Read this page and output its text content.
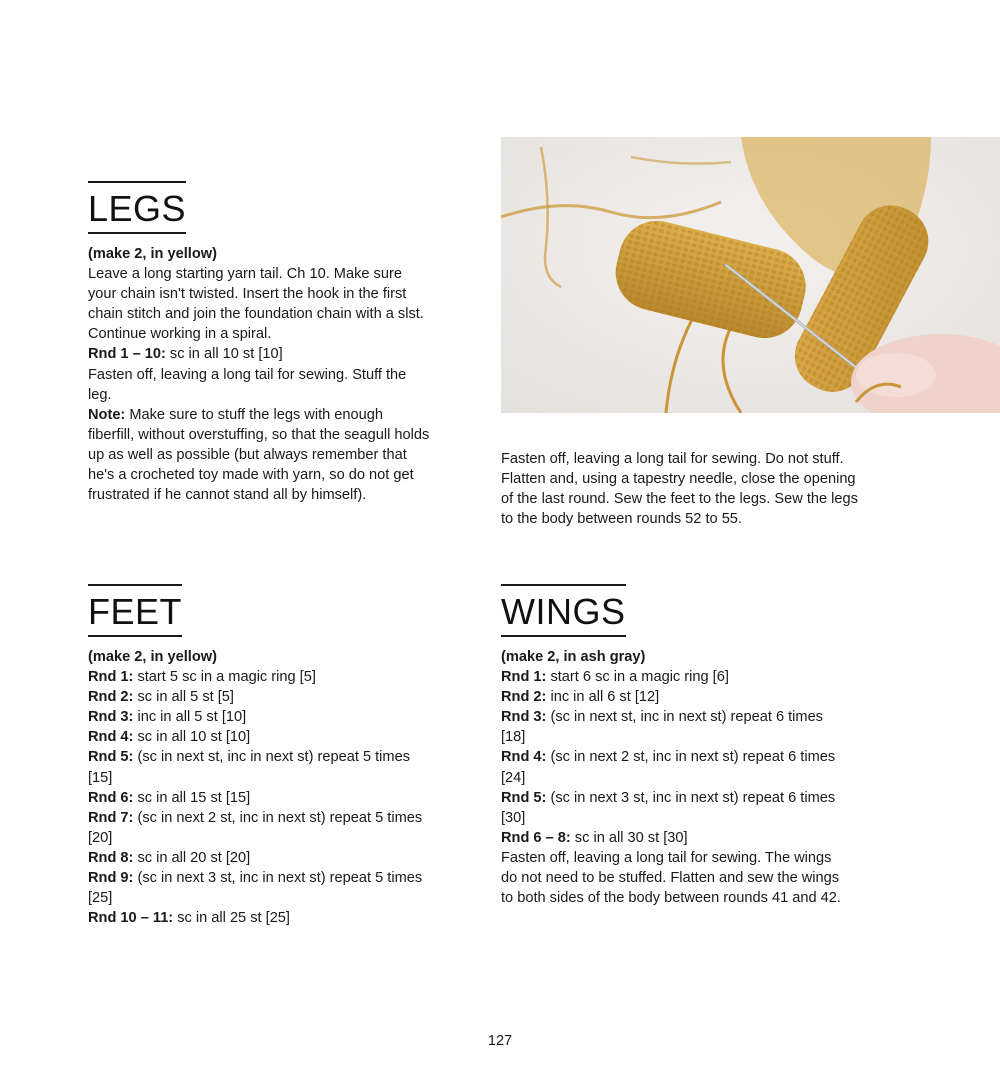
LEGS

(make 2, in yellow)

Leave a long starting yarn tail. Ch 10. Make sure your chain isn't twisted. Insert the hook in the first chain stitch and join the foundation chain with a slst. Continue working in a spiral.

Rnd 1 – 10: sc in all 10 st [10]

Fasten off, leaving a long tail for sewing. Stuff the leg.

Note: Make sure to stuff the legs with enough fiberfill, without overstuffing, so that the seagull holds up as well as possible (but always remember that he's a crocheted toy made with yarn, so do not get frustrated if he cannot stand all by himself).

Fasten off, leaving a long tail for sewing. Do not stuff. Flatten and, using a tapestry needle, close the opening of the last round. Sew the feet to the legs. Sew the legs to the body between rounds 52 to 55.

FEET

(make 2, in yellow)

Rnd 1: start 5 sc in a magic ring [5]

Rnd 2: sc in all 5 st [5]

Rnd 3: inc in all 5 st [10]

Rnd 4: sc in all 10 st [10]

Rnd 5: (sc in next st, inc in next st) repeat 5 times [15]

Rnd 6: sc in all 15 st [15]

Rnd 7: (sc in next 2 st, inc in next st) repeat 5 times [20]

Rnd 8: sc in all 20 st [20]

Rnd 9: (sc in next 3 st, inc in next st) repeat 5 times [25]

Rnd 10 – 11: sc in all 25 st [25]

WINGS

(make 2, in ash gray)

Rnd 1: start 6 sc in a magic ring [6]

Rnd 2: inc in all 6 st [12]

Rnd 3: (sc in next st, inc in next st) repeat 6 times [18]

Rnd 4: (sc in next 2 st, inc in next st) repeat 6 times [24]

Rnd 5: (sc in next 3 st, inc in next st) repeat 6 times [30]

Rnd 6 – 8: sc in all 30 st [30]

Fasten off, leaving a long tail for sewing. The wings do not need to be stuffed. Flatten and sew the wings to both sides of the body between rounds 41 and 42.

127
